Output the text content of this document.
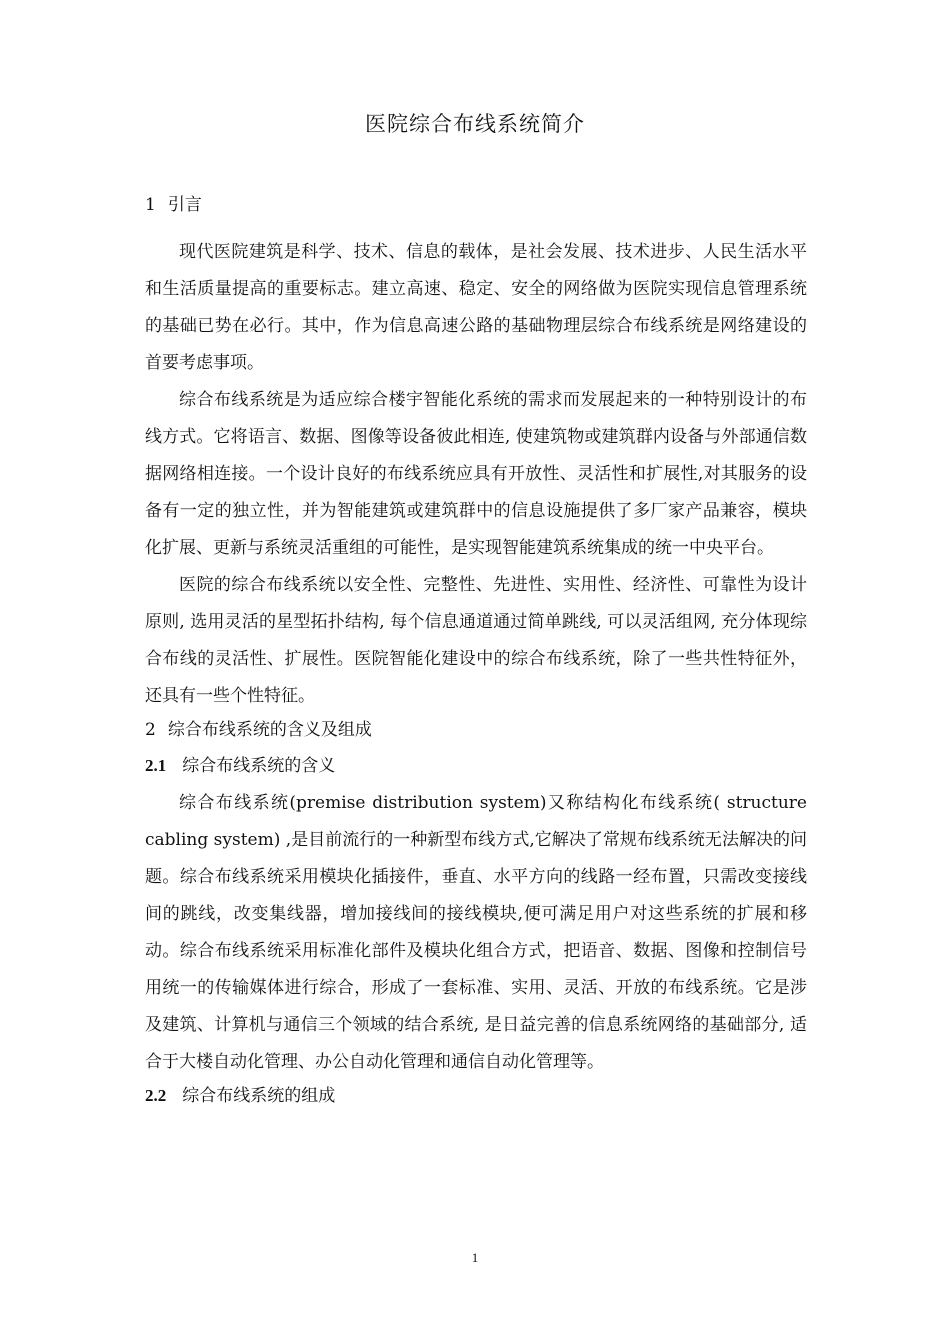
医院综合布线系统简介
1 引言

现代医院建筑是科学、技术、信息的载体，是社会发展、技术进步、人民生活水平和生活质量提高的重要标志。建立高速、稳定、安全的网络做为医院实现信息管理系统的基础已势在必行。其中，作为信息高速公路的基础物理层综合布线系统是网络建设的首要考虑事项。

综合布线系统是为适应综合楼宇智能化系统的需求而发展起来的一种特别设计的布线方式。它将语言、数据、图像等设备彼此相连, 使建筑物或建筑群内设备与外部通信数据网络相连接。一个设计良好的布线系统应具有开放性、灵活性和扩展性,对其服务的设备有一定的独立性，并为智能建筑或建筑群中的信息设施提供了多厂家产品兼容，模块化扩展、更新与系统灵活重组的可能性，是实现智能建筑系统集成的统一中央平台。

医院的综合布线系统以安全性、完整性、先进性、实用性、经济性、可靠性为设计原则, 选用灵活的星型拓扑结构, 每个信息通道通过简单跳线, 可以灵活组网, 充分体现综合布线的灵活性、扩展性。医院智能化建设中的综合布线系统，除了一些共性特征外，还具有一些个性特征。

2 综合布线系统的含义及组成
2.1 综合布线系统的含义

综合布线系统(premise distribution system)又称结构化布线系统( structure cabling system) ,是目前流行的一种新型布线方式,它解决了常规布线系统无法解决的问题。综合布线系统采用模块化插接件，垂直、水平方向的线路一经布置，只需改变接线间的跳线，改变集线器，增加接线间的接线模块,便可满足用户对这些系统的扩展和移动。综合布线系统采用标准化部件及模块化组合方式，把语音、数据、图像和控制信号用统一的传输媒体进行综合，形成了一套标准、实用、灵活、开放的布线系统。它是涉及建筑、计算机与通信三个领域的结合系统, 是日益完善的信息系统网络的基础部分, 适合于大楼自动化管理、办公自动化管理和通信自动化管理等。

2.2 综合布线系统的组成
1
